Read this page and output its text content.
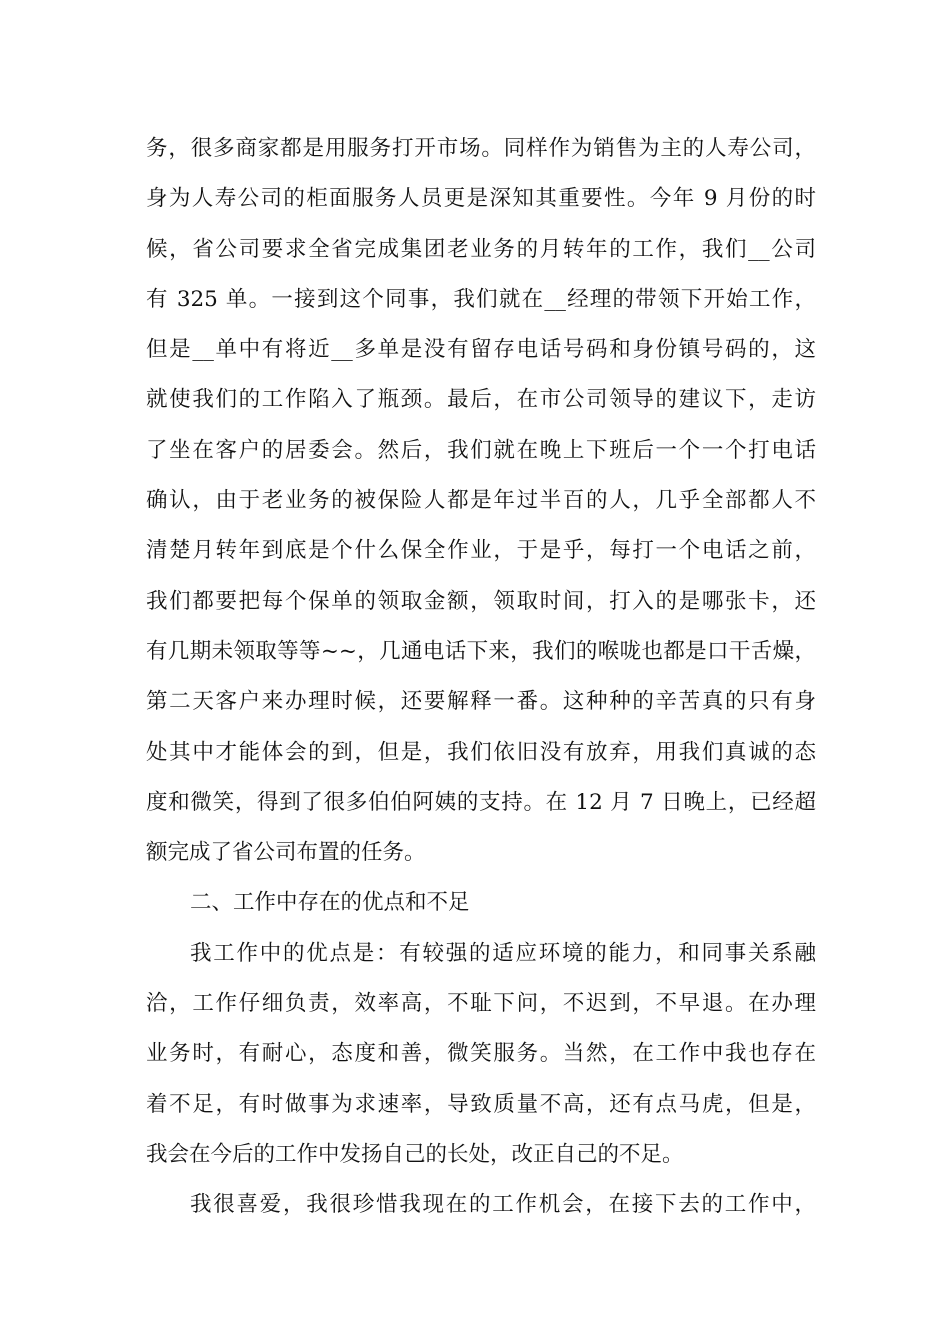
务，很多商家都是用服务打开市场。同样作为销售为主的人寿公司，
身为人寿公司的柜面服务人员更是深知其重要性。今年 9 月份的时
候，省公司要求全省完成集团老业务的月转年的工作，我们__公司
有 325 单。一接到这个同事，我们就在__经理的带领下开始工作，
但是__单中有将近__多单是没有留存电话号码和身份镇号码的，这
就使我们的工作陷入了瓶颈。最后，在市公司领导的建议下，走访
了坐在客户的居委会。然后，我们就在晚上下班后一个一个打电话
确认，由于老业务的被保险人都是年过半百的人，几乎全部都人不
清楚月转年到底是个什么保全作业，于是乎，每打一个电话之前，
我们都要把每个保单的领取金额，领取时间，打入的是哪张卡，还
有几期未领取等等~~，几通电话下来，我们的喉咙也都是口干舌燥，
第二天客户来办理时候，还要解释一番。这种种的辛苦真的只有身
处其中才能体会的到，但是，我们依旧没有放弃，用我们真诚的态
度和微笑，得到了很多伯伯阿姨的支持。在 12 月 7 日晚上，已经超
额完成了省公司布置的任务。
二、工作中存在的优点和不足
我工作中的优点是：有较强的适应环境的能力，和同事关系融
洽，工作仔细负责，效率高，不耻下问，不迟到，不早退。在办理
业务时，有耐心，态度和善，微笑服务。当然，在工作中我也存在
着不足，有时做事为求速率，导致质量不高，还有点马虎，但是，
我会在今后的工作中发扬自己的长处，改正自己的不足。
我很喜爱，我很珍惜我现在的工作机会，在接下去的工作中，
